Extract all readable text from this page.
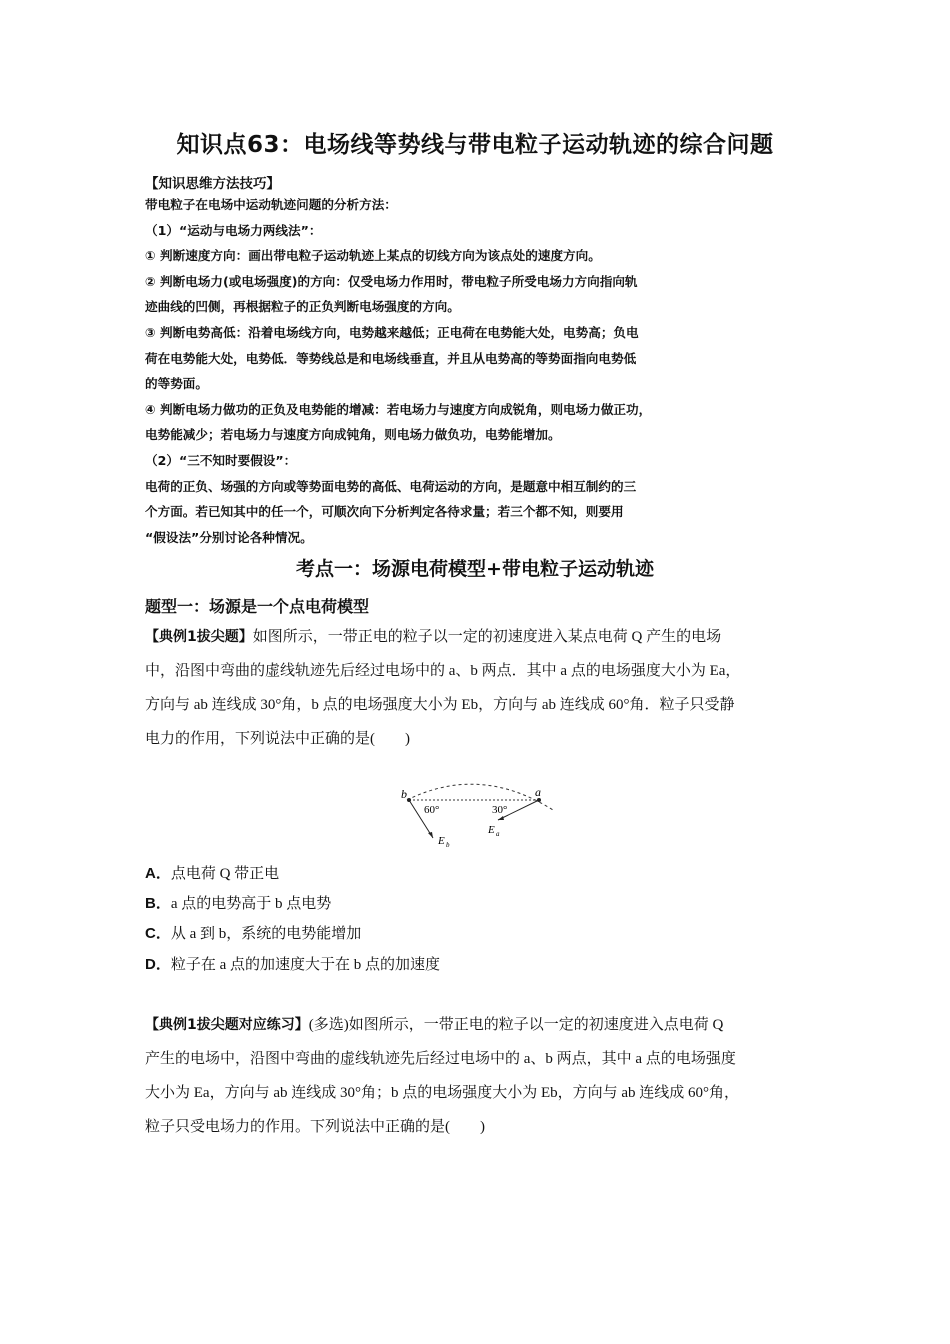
知识点63：电场线等势线与带电粒子运动轨迹的综合问题
【知识思维方法技巧】

带电粒子在电场中运动轨迹问题的分析方法：

（1）“运动与电场力两线法”：

① 判断速度方向：画出带电粒子运动轨迹上某点的切线方向为该点处的速度方向。

② 判断电场力(或电场强度)的方向：仅受电场力作用时，带电粒子所受电场力方向指向轨

迹曲线的凹侧，再根据粒子的正负判断电场强度的方向。

③ 判断电势高低：沿着电场线方向，电势越来越低；正电荷在电势能大处，电势高；负电

荷在电势能大处，电势低．等势线总是和电场线垂直，并且从电势高的等势面指向电势低

的等势面。

④ 判断电场力做功的正负及电势能的增减：若电场力与速度方向成锐角，则电场力做正功，

电势能减少；若电场力与速度方向成钝角，则电场力做负功，电势能增加。

（2）“三不知时要假设”：

电荷的正负、场强的方向或等势面电势的高低、电荷运动的方向，是题意中相互制约的三

个方面。若已知其中的任一个，可顺次向下分析判定各待求量；若三个都不知，则要用

“假设法”分别讨论各种情况。

考点一：场源电荷模型+带电粒子运动轨迹
题型一：场源是一个点电荷模型

【典例1拔尖题】如图所示，一带正电的粒子以一定的初速度进入某点电荷 Q 产生的电场

中，沿图中弯曲的虚线轨迹先后经过电场中的 a、b 两点．其中 a 点的电场强度大小为 Ea，

方向与 ab 连线成 30°角，b 点的电场强度大小为 Eb，方向与 ab 连线成 60°角．粒子只受静

电力的作用，下列说法中正确的是(　　)

b	a
60°	30°
E b
E a
A．点电荷 Q 带正电
B．a 点的电势高于 b 点电势
C．从 a 到 b，系统的电势能增加
D．粒子在 a 点的加速度大于在 b 点的加速度

【典例1拔尖题对应练习】(多选)如图所示，一带正电的粒子以一定的初速度进入点电荷 Q

产生的电场中，沿图中弯曲的虚线轨迹先后经过电场中的 a、b 两点，其中 a 点的电场强度

大小为 Ea，方向与 ab 连线成 30°角；b 点的电场强度大小为 Eb，方向与 ab 连线成 60°角，

粒子只受电场力的作用。下列说法中正确的是(　　)
